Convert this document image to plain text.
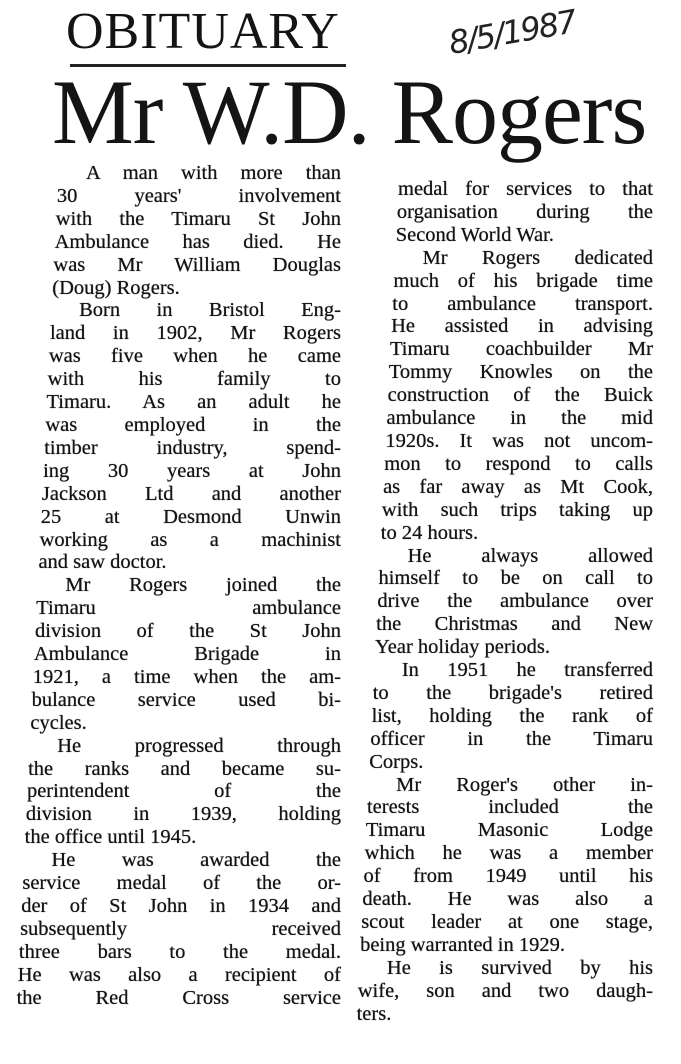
OBITUARY
Mr W.D. Rogers
8/5/1987
A man with more than
30 years' involvement
with the Timaru St John
Ambulance has died. He
was Mr William Douglas
(Doug) Rogers.
Born in Bristol Eng-
land in 1902, Mr Rogers
was five when he came
with his family to
Timaru. As an adult he
was employed in the
timber industry, spend-
ing 30 years at John
Jackson Ltd and another
25 at Desmond Unwin
working as a machinist
and saw doctor.
Mr Rogers joined the
Timaru ambulance
division of the St John
Ambulance Brigade in
1921, a time when the am-
bulance service used bi-
cycles.
He progressed through
the ranks and became su-
perintendent of the
division in 1939, holding
the office until 1945.
He was awarded the
service medal of the or-
der of St John in 1934 and
subsequently received
three bars to the medal.
He was also a recipient of
the Red Cross service
medal for services to that
organisation during the
Second World War.
Mr Rogers dedicated
much of his brigade time
to ambulance transport.
He assisted in advising
Timaru coachbuilder Mr
Tommy Knowles on the
construction of the Buick
ambulance in the mid
1920s. It was not uncom-
mon to respond to calls
as far away as Mt Cook,
with such trips taking up
to 24 hours.
He always allowed
himself to be on call to
drive the ambulance over
the Christmas and New
Year holiday periods.
In 1951 he transferred
to the brigade's retired
list, holding the rank of
officer in the Timaru
Corps.
Mr Roger's other in-
terests included the
Timaru Masonic Lodge
which he was a member
of from 1949 until his
death. He was also a
scout leader at one stage,
being warranted in 1929.
He is survived by his
wife, son and two daugh-
ters.
